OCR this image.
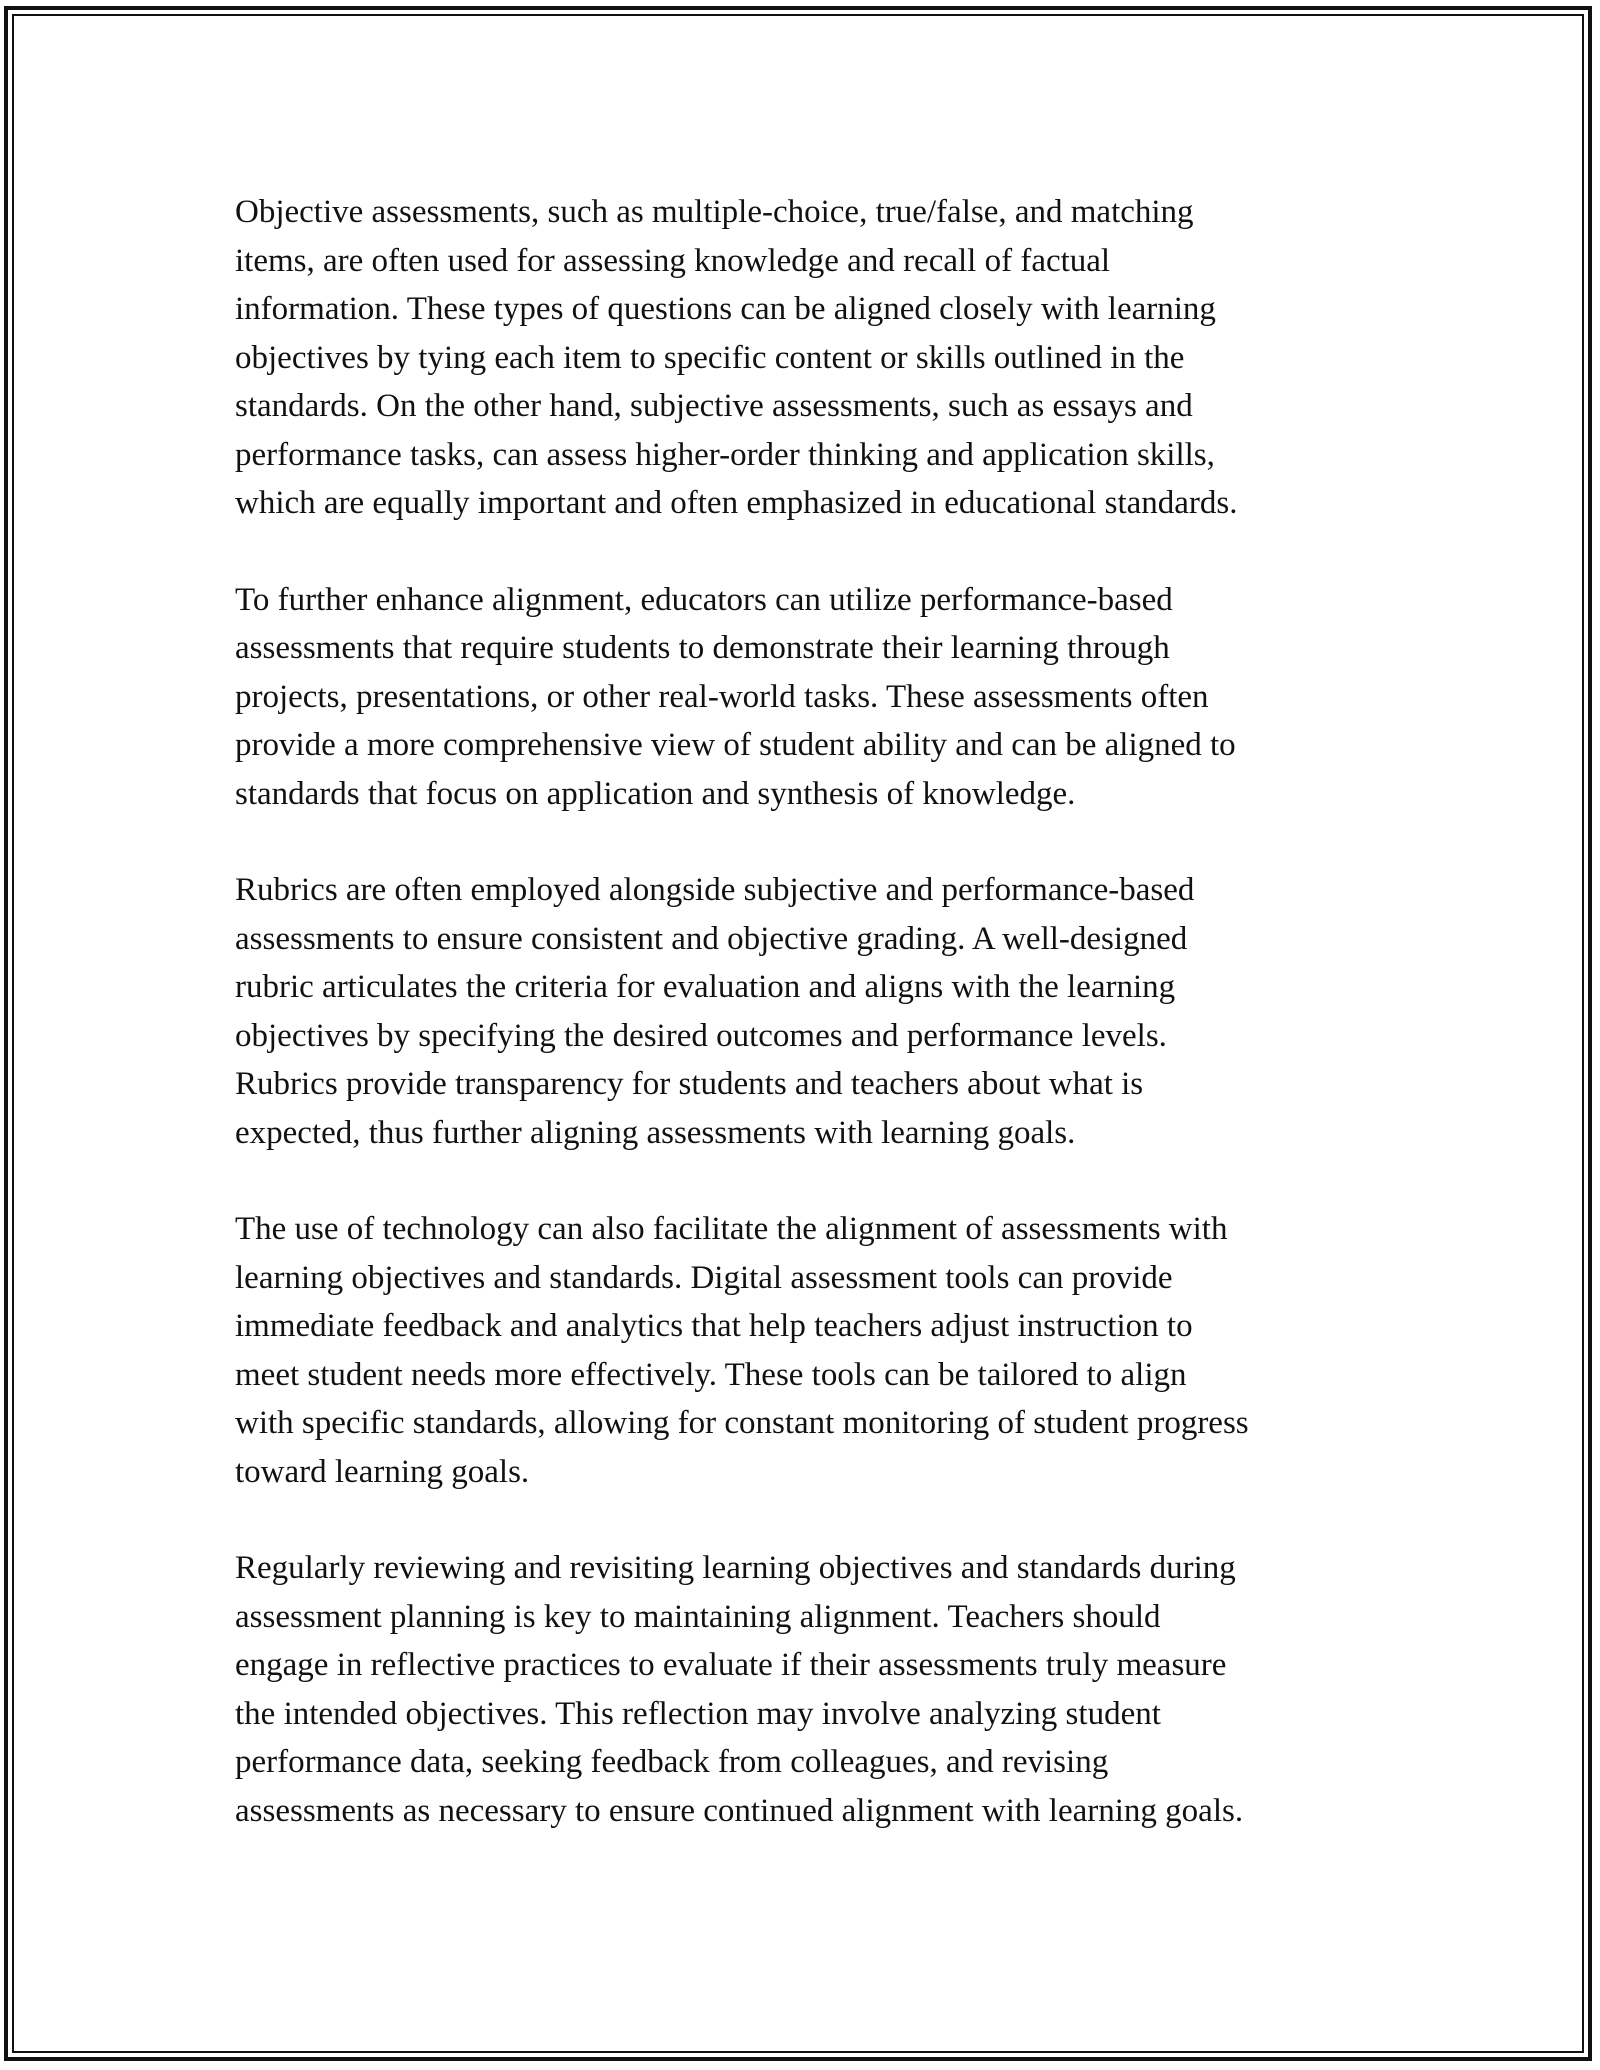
Objective assessments, such as multiple-choice, true/false, and matching
items, are often used for assessing knowledge and recall of factual
information. These types of questions can be aligned closely with learning
objectives by tying each item to specific content or skills outlined in the
standards. On the other hand, subjective assessments, such as essays and
performance tasks, can assess higher-order thinking and application skills,
which are equally important and often emphasized in educational standards.

To further enhance alignment, educators can utilize performance-based
assessments that require students to demonstrate their learning through
projects, presentations, or other real-world tasks. These assessments often
provide a more comprehensive view of student ability and can be aligned to
standards that focus on application and synthesis of knowledge.

Rubrics are often employed alongside subjective and performance-based
assessments to ensure consistent and objective grading. A well-designed
rubric articulates the criteria for evaluation and aligns with the learning
objectives by specifying the desired outcomes and performance levels.
Rubrics provide transparency for students and teachers about what is
expected, thus further aligning assessments with learning goals.

The use of technology can also facilitate the alignment of assessments with
learning objectives and standards. Digital assessment tools can provide
immediate feedback and analytics that help teachers adjust instruction to
meet student needs more effectively. These tools can be tailored to align
with specific standards, allowing for constant monitoring of student progress
toward learning goals.

Regularly reviewing and revisiting learning objectives and standards during
assessment planning is key to maintaining alignment. Teachers should
engage in reflective practices to evaluate if their assessments truly measure
the intended objectives. This reflection may involve analyzing student
performance data, seeking feedback from colleagues, and revising
assessments as necessary to ensure continued alignment with learning goals.
